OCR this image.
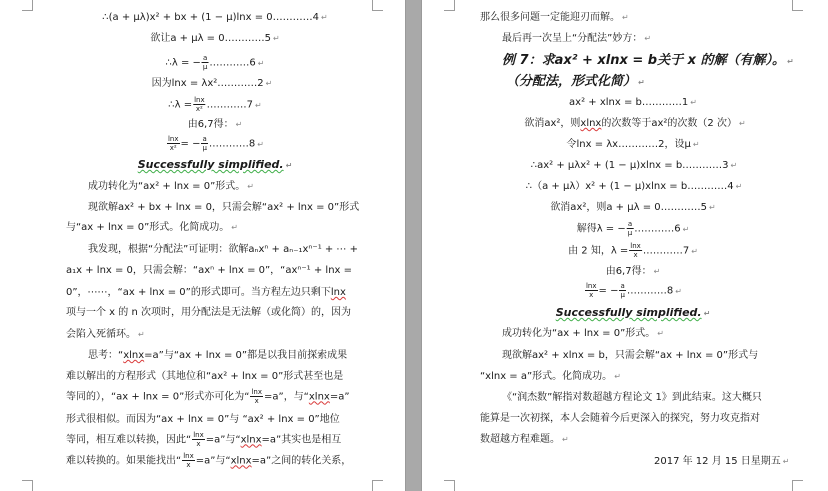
∴(a + μλ)x² + bx + (1 − μ)lnx = 0…………4 ↵
欲让a + μλ = 0…………5 ↵
∴λ = − $\frac{a}{\mu}$ …………6 ↵
因为lnx = λx²…………2 ↵
∴λ = $\frac{\ln x}{\text{x²}}$ …………7 ↵
由6,7得： ↵
$\frac{\ln x}{\text{x²}}$ = − $\frac{a}{\mu}$ …………8 ↵
Successfully simplified. ↵
成功转化为“ax² + lnx = 0”形式。 ↵
现欲解ax² + bx + lnx = 0，只需会解“ax² + lnx = 0”形式
与“ax + lnx = 0”形式。化简成功。 ↵
我发现，根据“分配法”可证明：欲解aₙxⁿ + aₙ₋₁xⁿ⁻¹ + ⋯ +
a₁x + lnx = 0，只需会解：“axⁿ + lnx = 0”，“axⁿ⁻¹ + lnx =
0”，⋯⋯，“ax + lnx = 0”的形式即可。当方程左边只剩下lnx
项与一个 x 的 n 次项时，用分配法是无法解（或化简）的，因为
会陷入死循环。 ↵
思考：“xlnx=a”与“ax + lnx = 0”都是以我目前探索成果
难以解出的方程形式（其地位和“ax² + lnx = 0”形式甚至也是
等同的），“ax + lnx = 0”形式亦可化为“ $\frac{\ln x}{x} =a$”，与“xlnx=a”
形式很相似。而因为“ax + lnx = 0”与 “ax² + lnx = 0”地位
等同，相互难以转换，因此“ $\frac{\ln x}{x} =a$”与“xlnx=a”其实也是相互
难以转换的。如果能找出“ $\frac{\ln x}{x} =a$”与“xlnx=a”之间的转化关系，
那么很多问题一定能迎刃而解。 ↵
最后再一次呈上“分配法”妙方： ↵
例 7：求ax² + xlnx = b关于 x 的解（有解）。 ↵
（分配法，形式化简） ↵
ax² + xlnx = b…………1 ↵
欲消ax²，则xlnx的次数等于ax²的次数（2 次） ↵
令lnx = λx…………2，设μ ↵
∴ax² + μλx² + (1 − μ)xlnx = b…………3 ↵
∴（a + μλ）x² + (1 − μ)xlnx = b…………4 ↵
欲消ax²，则a + μλ = 0…………5 ↵
解得λ = − $\frac{a}{\mu}$ …………6 ↵
由 2 知，$\lambda = \frac{\ln x}{x}$ …………7 ↵
由6,7得： ↵
$\frac{\ln x}{x}$ = − $\frac{a}{\mu}$ …………8 ↵
Successfully simplified. ↵
成功转化为“ax + lnx = 0”形式。 ↵
现欲解ax² + xlnx = b，只需会解“ax + lnx = 0”形式与
“xlnx = a”形式。化简成功。 ↵
《“润杰数”解指对数超越方程论文 1》到此结束。这大概只
能算是一次初探，本人会随着今后更深入的探究，努力攻克指对
数超越方程难题。 ↵
2017 年 12 月 15 日星期五 ↵
